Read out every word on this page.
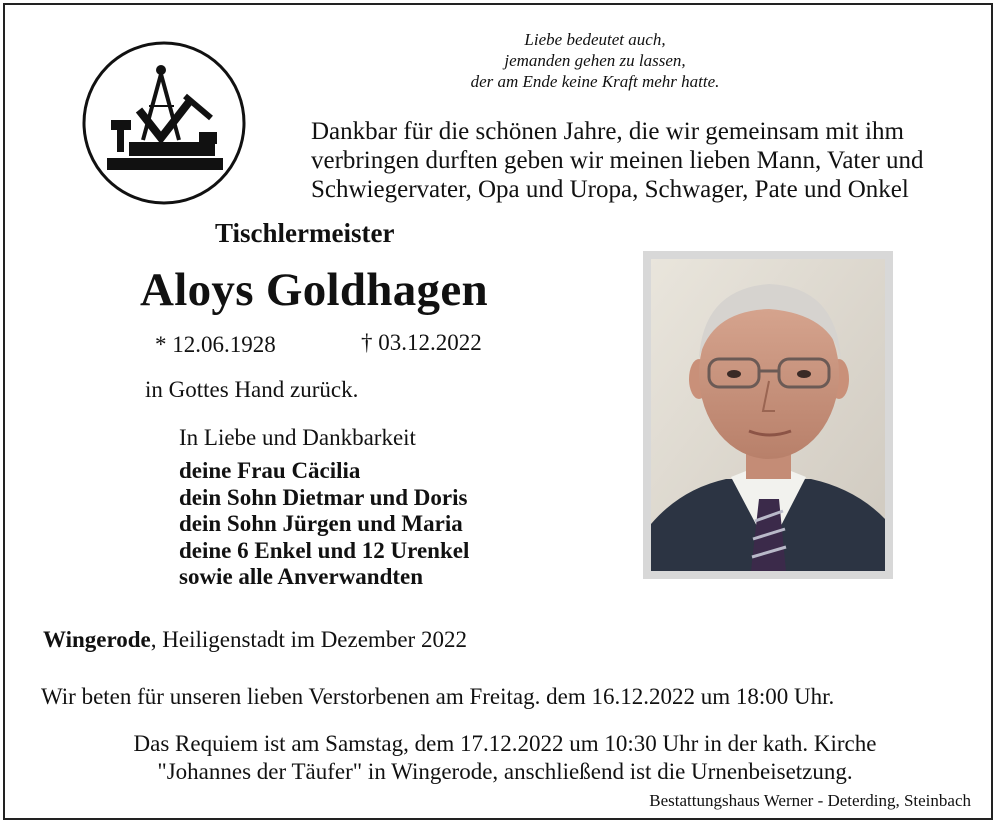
Liebe bedeutet auch,
jemanden gehen zu lassen,
der am Ende keine Kraft mehr hatte.
Dankbar für die schönen Jahre, die wir gemeinsam mit ihm
verbringen durften geben wir meinen lieben Mann, Vater und
Schwiegervater, Opa und Uropa, Schwager, Pate und Onkel
Tischlermeister
Aloys Goldhagen
* 12.06.1928	† 03.12.2022
in Gottes Hand zurück.
In Liebe und Dankbarkeit
deine Frau Cäcilia
dein Sohn Dietmar und Doris
dein Sohn Jürgen und Maria
deine 6 Enkel und 12 Urenkel
sowie alle Anverwandten
Wingerode, Heiligenstadt im Dezember 2022
Wir beten für unseren lieben Verstorbenen am Freitag. dem 16.12.2022 um 18:00 Uhr.
Das Requiem ist am Samstag, dem 17.12.2022 um 10:30 Uhr in der kath. Kirche
"Johannes der Täufer" in Wingerode, anschließend ist die Urnenbeisetzung.
Bestattungshaus Werner - Deterding, Steinbach
